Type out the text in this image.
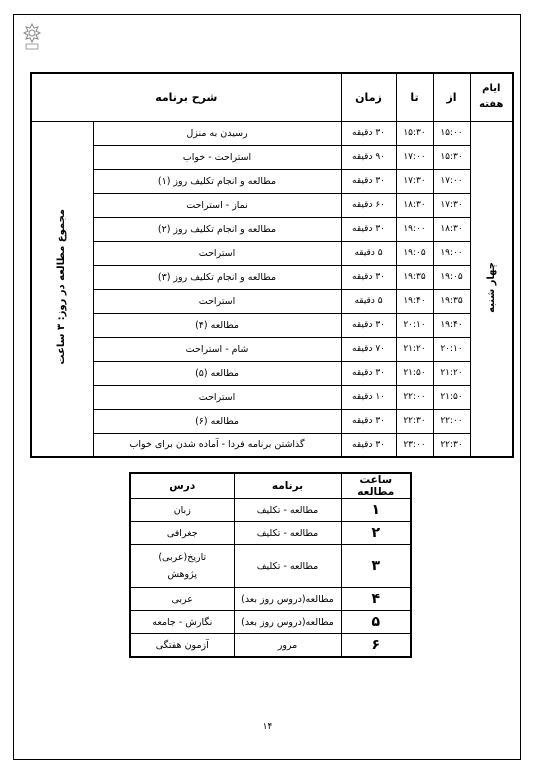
ایام هفته	از	تا	زمان	شرح برنامه	
چهار شنبه	۱۵:۰۰	۱۵:۳۰	۳۰ دقیقه	رسیدن به منزل	مجموع مطالعه در روز: ۳ ساعت
	۱۵:۳۰	۱۷:۰۰	۹۰ دقیقه	استراحت - خواب	
	۱۷:۰۰	۱۷:۳۰	۳۰ دقیقه	مطالعه و انجام تکلیف روز (۱)	
	۱۷:۳۰	۱۸:۳۰	۶۰ دقیقه	نماز - استراحت	
	۱۸:۳۰	۱۹:۰۰	۳۰ دقیقه	مطالعه و انجام تکلیف روز (۲)	
	۱۹:۰۰	۱۹:۰۵	۵ دقیقه	استراحت	
	۱۹:۰۵	۱۹:۳۵	۳۰ دقیقه	مطالعه و انجام تکلیف روز (۳)	
	۱۹:۳۵	۱۹:۴۰	۵ دقیقه	استراحت	
	۱۹:۴۰	۲۰:۱۰	۳۰ دقیقه	مطالعه (۴)	
	۲۰:۱۰	۲۱:۲۰	۷۰ دقیقه	شام - استراحت	
	۲۱:۲۰	۲۱:۵۰	۳۰ دقیقه	مطالعه (۵)	
	۲۱:۵۰	۲۲:۰۰	۱۰ دقیقه	استراحت	
	۲۲:۰۰	۲۲:۳۰	۳۰ دقیقه	مطالعه (۶)	
	۲۲:۳۰	۲۳:۰۰	۳۰ دقیقه	گذاشتن برنامه فردا - آماده شدن برای خواب	
ساعت مطالعه	برنامه	درس
۱	مطالعه - تکلیف	زبان

۲	مطالعه - تکلیف	جغرافی

۳	مطالعه - تکلیف	تاریخ(عربی)
پژوهش

۴	مطالعه(دروس روز بعد)	عربی

۵	مطالعه(دروس روز بعد)	نگارش - جامعه

۶	مرور	آزمون هفتگی
۱۴
